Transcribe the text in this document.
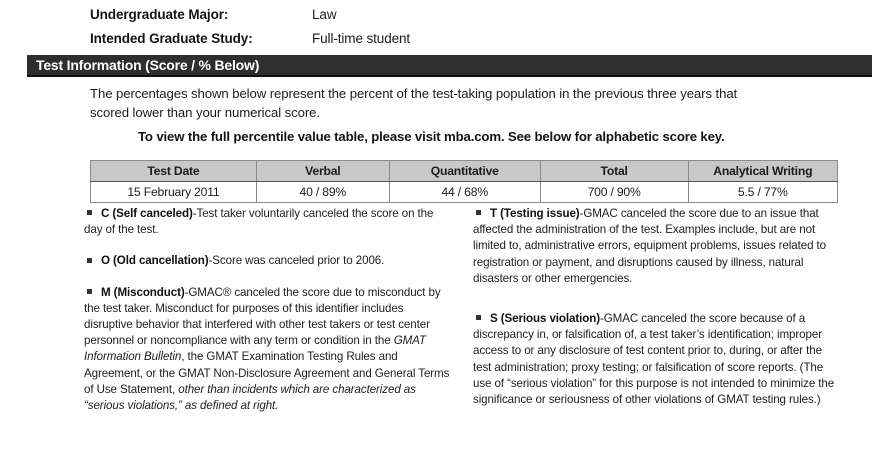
Undergraduate Major:	Law
Intended Graduate Study:	Full-time student
Test Information (Score / % Below)
The percentages shown below represent the percent of the test-taking population in the previous three years that scored lower than your numerical score.
To view the full percentile value table, please visit mba.com. See below for alphabetic score key.
Test Date	Verbal	Quantitative	Total	Analytical Writing
15 February 2011	40 / 89%	44 / 68%	700 / 90%	5.5 / 77%
C (Self canceled)-Test taker voluntarily canceled the score on the day of the test.
O (Old cancellation)-Score was canceled prior to 2006.
M (Misconduct)-GMAC® canceled the score due to misconduct by the test taker. Misconduct for purposes of this identifier includes disruptive behavior that interfered with other test takers or test center personnel or noncompliance with any term or condition in the GMAT Information Bulletin, the GMAT Examination Testing Rules and Agreement, or the GMAT Non-Disclosure Agreement and General Terms of Use Statement, other than incidents which are characterized as “serious violations,” as defined at right.
T (Testing issue)-GMAC canceled the score due to an issue that affected the administration of the test. Examples include, but are not limited to, administrative errors, equipment problems, issues related to registration or payment, and disruptions caused by illness, natural disasters or other emergencies.
S (Serious violation)-GMAC canceled the score because of a discrepancy in, or falsification of, a test taker’s identification; improper access to or any disclosure of test content prior to, during, or after the test administration; proxy testing; or falsification of score reports. (The use of “serious violation” for this purpose is not intended to minimize the significance or seriousness of other violations of GMAT testing rules.)
